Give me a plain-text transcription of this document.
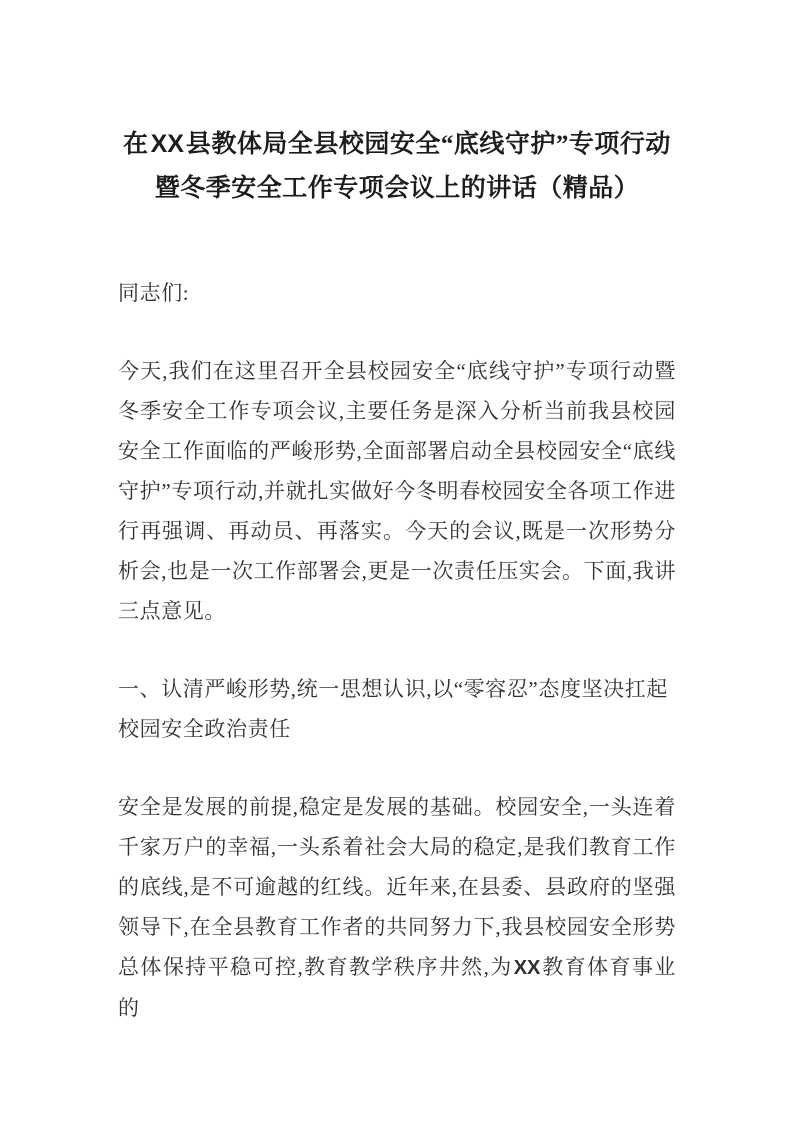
在XX县教体局全县校园安全“底线守护”专项行动
暨冬季安全工作专项会议上的讲话（精品）

同志们:

今天,我们在这里召开全县校园安全“底线守护”专项行动暨冬季安全工作专项会议,主要任务是深入分析当前我县校园安全工作面临的严峻形势,全面部署启动全县校园安全“底线守护”专项行动,并就扎实做好今冬明春校园安全各项工作进行再强调、再动员、再落实。今天的会议,既是一次形势分析会,也是一次工作部署会,更是一次责任压实会。下面,我讲三点意见。

一、认清严峻形势,统一思想认识,以“零容忍”态度坚决扛起校园安全政治责任

安全是发展的前提,稳定是发展的基础。校园安全,一头连着千家万户的幸福,一头系着社会大局的稳定,是我们教育工作的底线,是不可逾越的红线。近年来,在县委、县政府的坚强领导下,在全县教育工作者的共同努力下,我县校园安全形势总体保持平稳可控,教育教学秩序井然,为XX教育体育事业的
